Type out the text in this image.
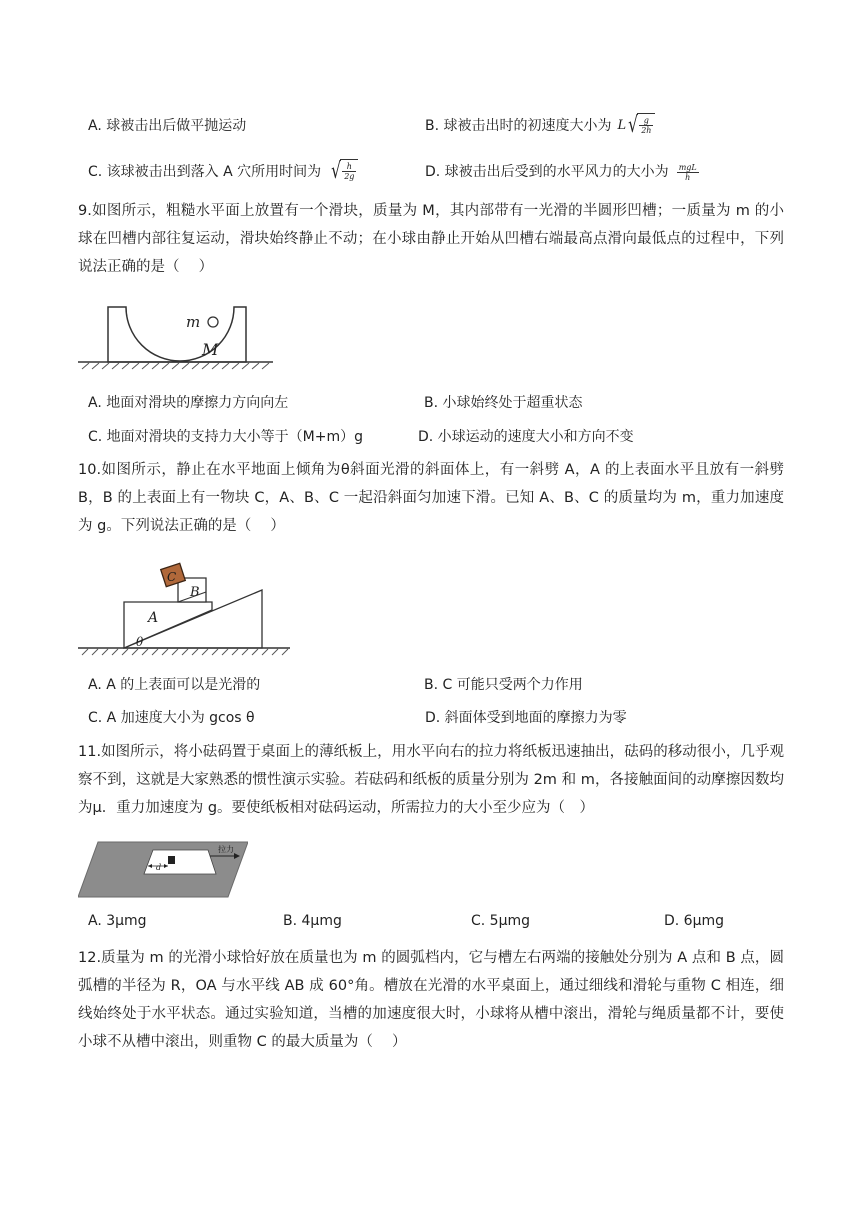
A. 球被击出后做平抛运动	B. 球被击出时的初速度大小为 L √ $\frac{g}{2h}$
C. 该球被击出到落入 A 穴所用时间为 √ $\frac{h}{2g}$	D. 球被击出后受到的水平风力的大小为 $\frac{\text{mgL}}{h}$
9.如图所示，粗糙水平面上放置有一个滑块，质量为 M，其内部带有一光滑的半圆形凹槽；一质量为 m 的小球在凹槽内部往复运动，滑块始终静止不动；在小球由静止开始从凹槽右端最高点滑向最低点的过程中，下列说法正确的是（　 ）
m
M
A. 地面对滑块的摩擦力方向向左	B. 小球始终处于超重状态
C. 地面对滑块的支持力大小等于（M+m）g	D. 小球运动的速度大小和方向不变
10.如图所示，静止在水平地面上倾角为θ斜面光滑的斜面体上，有一斜劈 A，A 的上表面水平且放有一斜劈 B，B 的上表面上有一物块 C，A、B、C 一起沿斜面匀加速下滑。已知 A、B、C 的质量均为 m，重力加速度为 g。下列说法正确的是（　 ）
C
B
A
θ
A. A 的上表面可以是光滑的	B. C 可能只受两个力作用
C. A 加速度大小为 gcos θ	D. 斜面体受到地面的摩擦力为零
11.如图所示，将小砝码置于桌面上的薄纸板上，用水平向右的拉力将纸板迅速抽出，砝码的移动很小，几乎观察不到，这就是大家熟悉的惯性演示实验。若砝码和纸板的质量分别为 2m 和 m，各接触面间的动摩擦因数均为μ．重力加速度为 g。要使纸板相对砝码运动，所需拉力的大小至少应为（　）
d
拉力
A. 3μmg	B. 4μmg	C. 5μmg	D. 6μmg
12.质量为 m 的光滑小球恰好放在质量也为 m 的圆弧档内，它与槽左右两端的接触处分别为 A 点和 B 点，圆弧槽的半径为 R，OA 与水平线 AB 成 60°角。槽放在光滑的水平桌面上，通过细线和滑轮与重物 C 相连，细线始终处于水平状态。通过实验知道，当槽的加速度很大时，小球将从槽中滚出，滑轮与绳质量都不计，要使小球不从槽中滚出，则重物 C 的最大质量为（　 ）
